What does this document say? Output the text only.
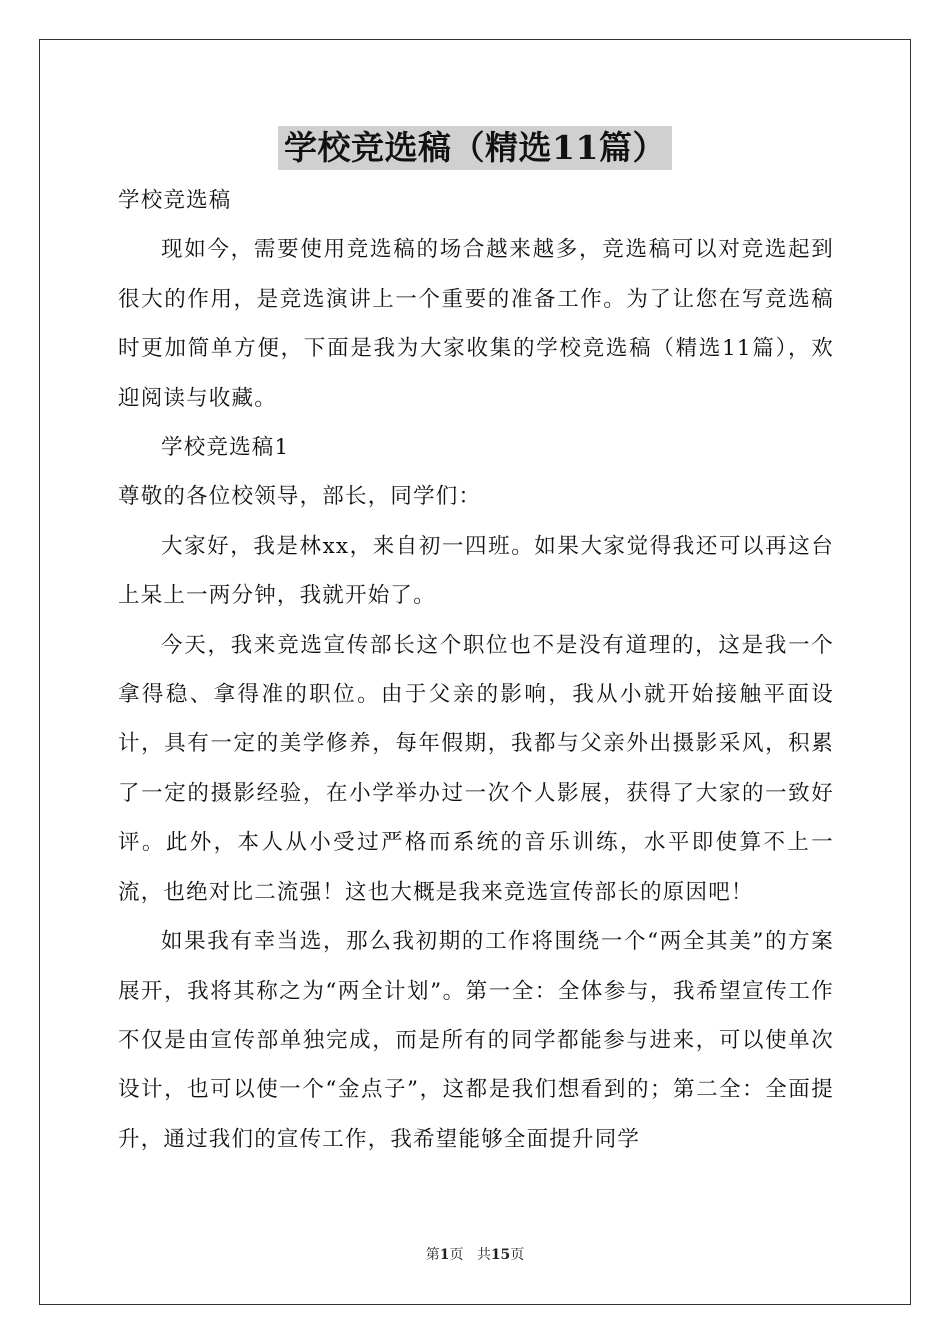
学校竞选稿（精选11篇）

学校竞选稿

现如今，需要使用竞选稿的场合越来越多，竞选稿可以对竞选起到很大的作用，是竞选演讲上一个重要的准备工作。为了让您在写竞选稿时更加简单方便，下面是我为大家收集的学校竞选稿（精选11篇），欢迎阅读与收藏。

学校竞选稿1

尊敬的各位校领导，部长，同学们：

大家好，我是林xx，来自初一四班。如果大家觉得我还可以再这台上呆上一两分钟，我就开始了。

今天，我来竞选宣传部长这个职位也不是没有道理的，这是我一个拿得稳、拿得准的职位。由于父亲的影响，我从小就开始接触平面设计，具有一定的美学修养，每年假期，我都与父亲外出摄影采风，积累了一定的摄影经验，在小学举办过一次个人影展，获得了大家的一致好评。此外，本人从小受过严格而系统的音乐训练，水平即使算不上一流，也绝对比二流强！这也大概是我来竞选宣传部长的原因吧！

如果我有幸当选，那么我初期的工作将围绕一个“两全其美”的方案展开，我将其称之为“两全计划”。第一全：全体参与，我希望宣传工作不仅是由宣传部单独完成，而是所有的同学都能参与进来，可以使单次设计，也可以使一个“金点子”，这都是我们想看到的；第二全：全面提升，通过我们的宣传工作，我希望能够全面提升同学

第1页 共15页
